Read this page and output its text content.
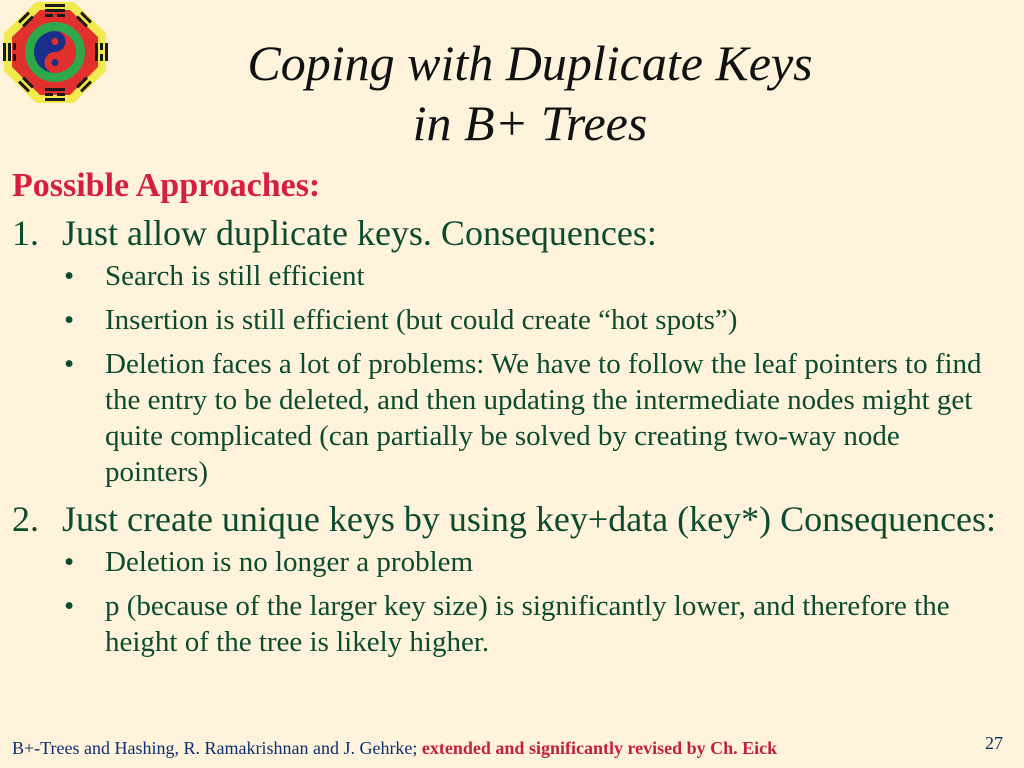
Coping with Duplicate Keys
in B+ Trees
Possible Approaches:
1. Just allow duplicate keys. Consequences:
• Search is still efficient
• Insertion is still efficient (but could create “hot spots”)
• Deletion faces a lot of problems: We have to follow the leaf pointers to find the entry to be deleted, and then updating the intermediate nodes might get quite complicated (can partially be solved by creating two-way node pointers)
2. Just create unique keys by using key+data (key*) Consequences:
• Deletion is no longer a problem
• p (because of the larger key size) is significantly lower, and therefore the height of the tree is likely higher.
B+-Trees and Hashing, R. Ramakrishnan and J. Gehrke; extended and significantly revised by Ch. Eick	27
